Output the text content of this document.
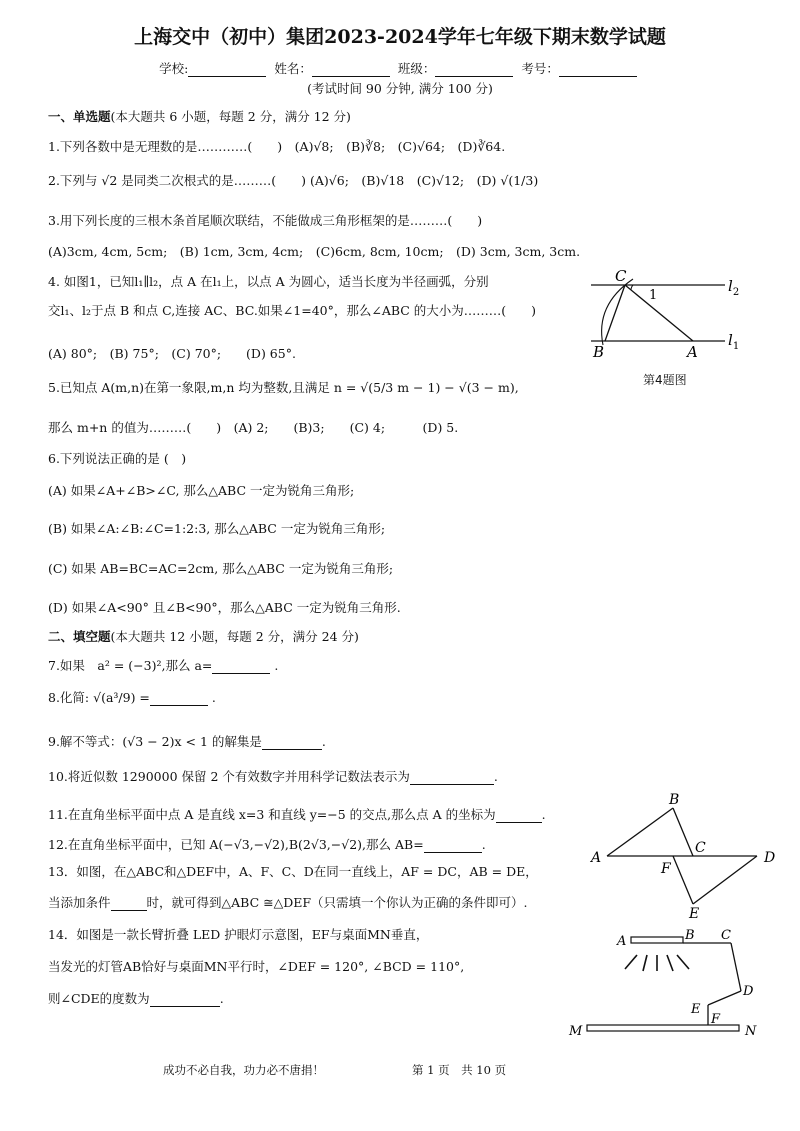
上海交中（初中）集团2023-2024学年七年级下期末数学试题
学校:	姓名：	班级：	考号：
(考试时间 90 分钟, 满分 100 分)
一、单选题(本大题共 6 小题，每题 2 分，满分 12 分)
1.下列各数中是无理数的是…………(　　)　(A)√8;　(B)∛8;　(C)√64;　(D)∛64.
2.下列与 √2 是同类二次根式的是………(　　) (A)√6;　(B)√18　(C)√12;　(D) √(1/3)
3.用下列长度的三根木条首尾顺次联结，不能做成三角形框架的是………(　　)
(A)3cm, 4cm, 5cm;　(B) 1cm, 3cm, 4cm;　(C)6cm, 8cm, 10cm;　(D) 3cm, 3cm, 3cm.
4. 如图1，已知l₁∥l₂，点 A 在l₁上，以点 A 为圆心，适当长度为半径画弧，分别
交l₁、l₂于点 B 和点 C,连接 AC、BC.如果∠1=40°，那么∠ABC 的大小为………(　　)
(A) 80°;　(B) 75°;　(C) 70°;　　(D) 65°.
5.已知点 A(m,n)在第一象限,m,n 均为整数,且满足 n = √(5/3 m − 1) − √(3 − m),
那么 m+n 的值为………(　　)　(A) 2;　　(B)3;　　(C) 4;　　　(D) 5.
6.下列说法正确的是 (　)
(A) 如果∠A+∠B>∠C, 那么△ABC 一定为锐角三角形;
(B) 如果∠A:∠B:∠C=1:2:3, 那么△ABC 一定为锐角三角形;
(C) 如果 AB=BC=AC=2cm, 那么△ABC 一定为锐角三角形;
(D) 如果∠A<90° 且∠B<90°，那么△ABC 一定为锐角三角形.
C
1
$l_2$
B	A
$l_1$
第4题图
二、填空题(本大题共 12 小题，每题 2 分，满分 24 分)
7.如果　a² = (−3)²,那么 a=	.
8.化简: √(a³/9) =	.
9.解不等式：(√3 − 2)x < 1 的解集是	.
10.将近似数 1290000 保留 2 个有效数字并用科学记数法表示为	.
11.在直角坐标平面中点 A 是直线 x=3 和直线 y=−5 的交点,那么点 A 的坐标为	.
12.在直角坐标平面中，已知 A(−√3,−√2),B(2√3,−√2),那么 AB=	.
13．如图，在△ABC和△DEF中，A、F、C、D在同一直线上，AF = DC，AB = DE，
当添加条件	时，就可得到△ABC ≅△DEF（只需填一个你认为正确的条件即可）.
14．如图是一款长臂折叠 LED 护眼灯示意图，EF与桌面MN垂直，
当发光的灯管AB恰好与桌面MN平行时，∠DEF = 120°, ∠BCD = 110°,
则∠CDE的度数为	.
A
B
C
D
E
F
A	B C
D
E
F
M	N
成功不必自我，功力必不唐捐！	第 1 页　共 10 页
